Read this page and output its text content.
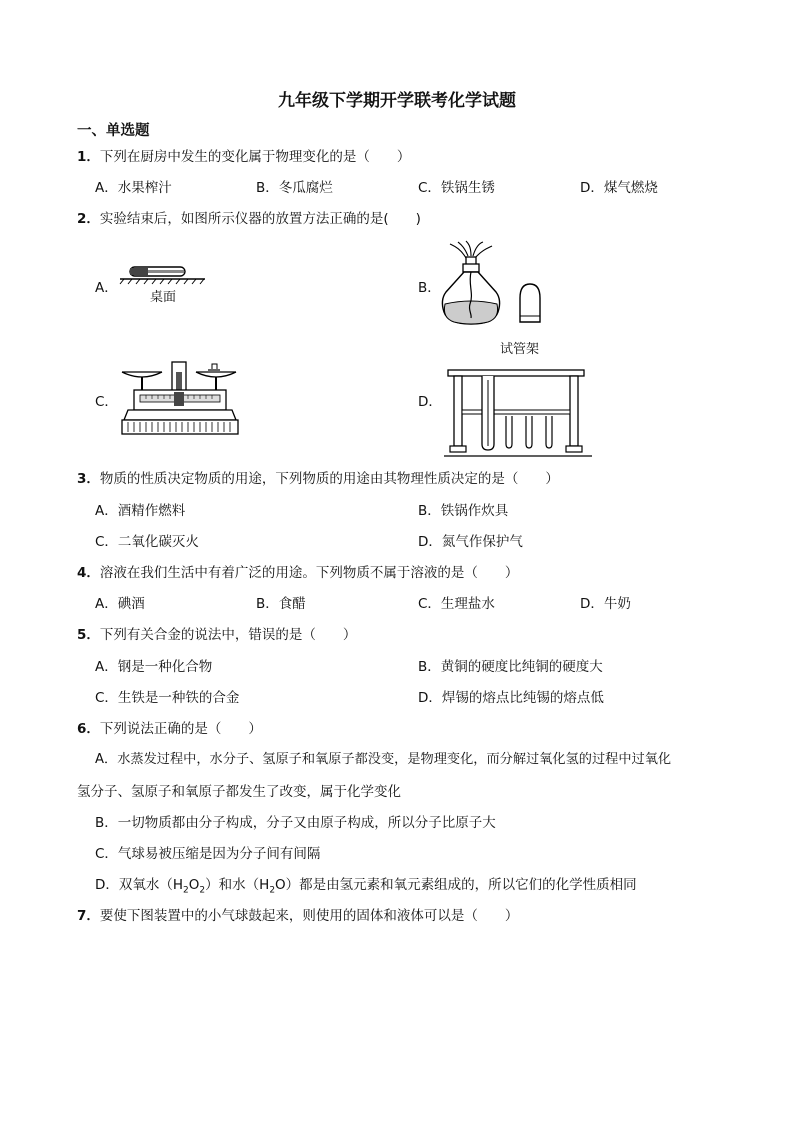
九年级下学期开学联考化学试题
一、单选题
1．下列在厨房中发生的变化属于物理变化的是（　　）
A．水果榨汁	B．冬瓜腐烂	C．铁锅生锈	D．煤气燃烧
2．实验结束后，如图所示仪器的放置方法正确的是(　　)
A．
桌面
B．
C．	D．
试管架
3．物质的性质决定物质的用途，下列物质的用途由其物理性质决定的是（　　）
A．酒精作燃料	B．铁锅作炊具
C．二氧化碳灭火	D．氮气作保护气
4．溶液在我们生活中有着广泛的用途。下列物质不属于溶液的是（　　）
A．碘酒	B．食醋	C．生理盐水	D．牛奶
5．下列有关合金的说法中，错误的是（　　）
A．钢是一种化合物	B．黄铜的硬度比纯铜的硬度大
C．生铁是一种铁的合金	D．焊锡的熔点比纯锡的熔点低
6．下列说法正确的是（　　）
A．水蒸发过程中，水分子、氢原子和氧原子都没变，是物理变化，而分解过氧化氢的过程中过氧化
氢分子、氢原子和氧原子都发生了改变，属于化学变化
B．一切物质都由分子构成，分子又由原子构成，所以分子比原子大
C．气球易被压缩是因为分子间有间隔
D．双氧水$(H_2O_2)$和水$(H_2O)$都是由氢元素和氧元素组成的，所以它们的化学性质相同
7．要使下图装置中的小气球鼓起来，则使用的固体和液体可以是（　　）
